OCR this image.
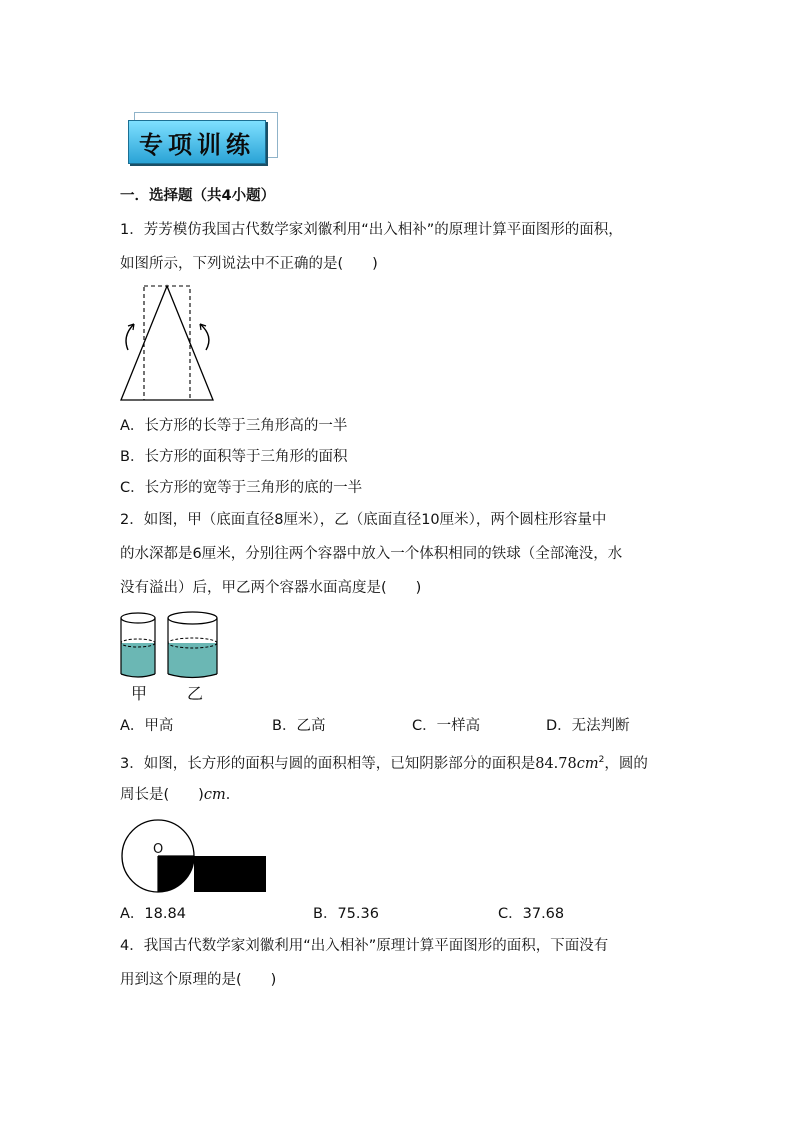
专项训练
一．选择题（共4小题）
1．芳芳模仿我国古代数学家刘徽利用“出入相补”的原理计算平面图形的面积，
如图所示，下列说法中不正确的是(　　)
A．长方形的长等于三角形高的一半
B．长方形的面积等于三角形的面积
C．长方形的宽等于三角形的底的一半
2．如图，甲（底面直径8厘米），乙（底面直径10厘米），两个圆柱形容量中
的水深都是6厘米，分别往两个容器中放入一个体积相同的铁球（全部淹没，水
没有溢出）后，甲乙两个容器水面高度是(　　)
甲 乙
A．甲高	B．乙高	C．一样高	D．无法判断
3．如图，长方形的面积与圆的面积相等，已知阴影部分的面积是$84.78cm^2$，圆的
周长是(　　)cm．
O
A．18.84	B．75.36	C．37.68
4．我国古代数学家刘徽利用“出入相补”原理计算平面图形的面积，下面没有
用到这个原理的是(　　)
